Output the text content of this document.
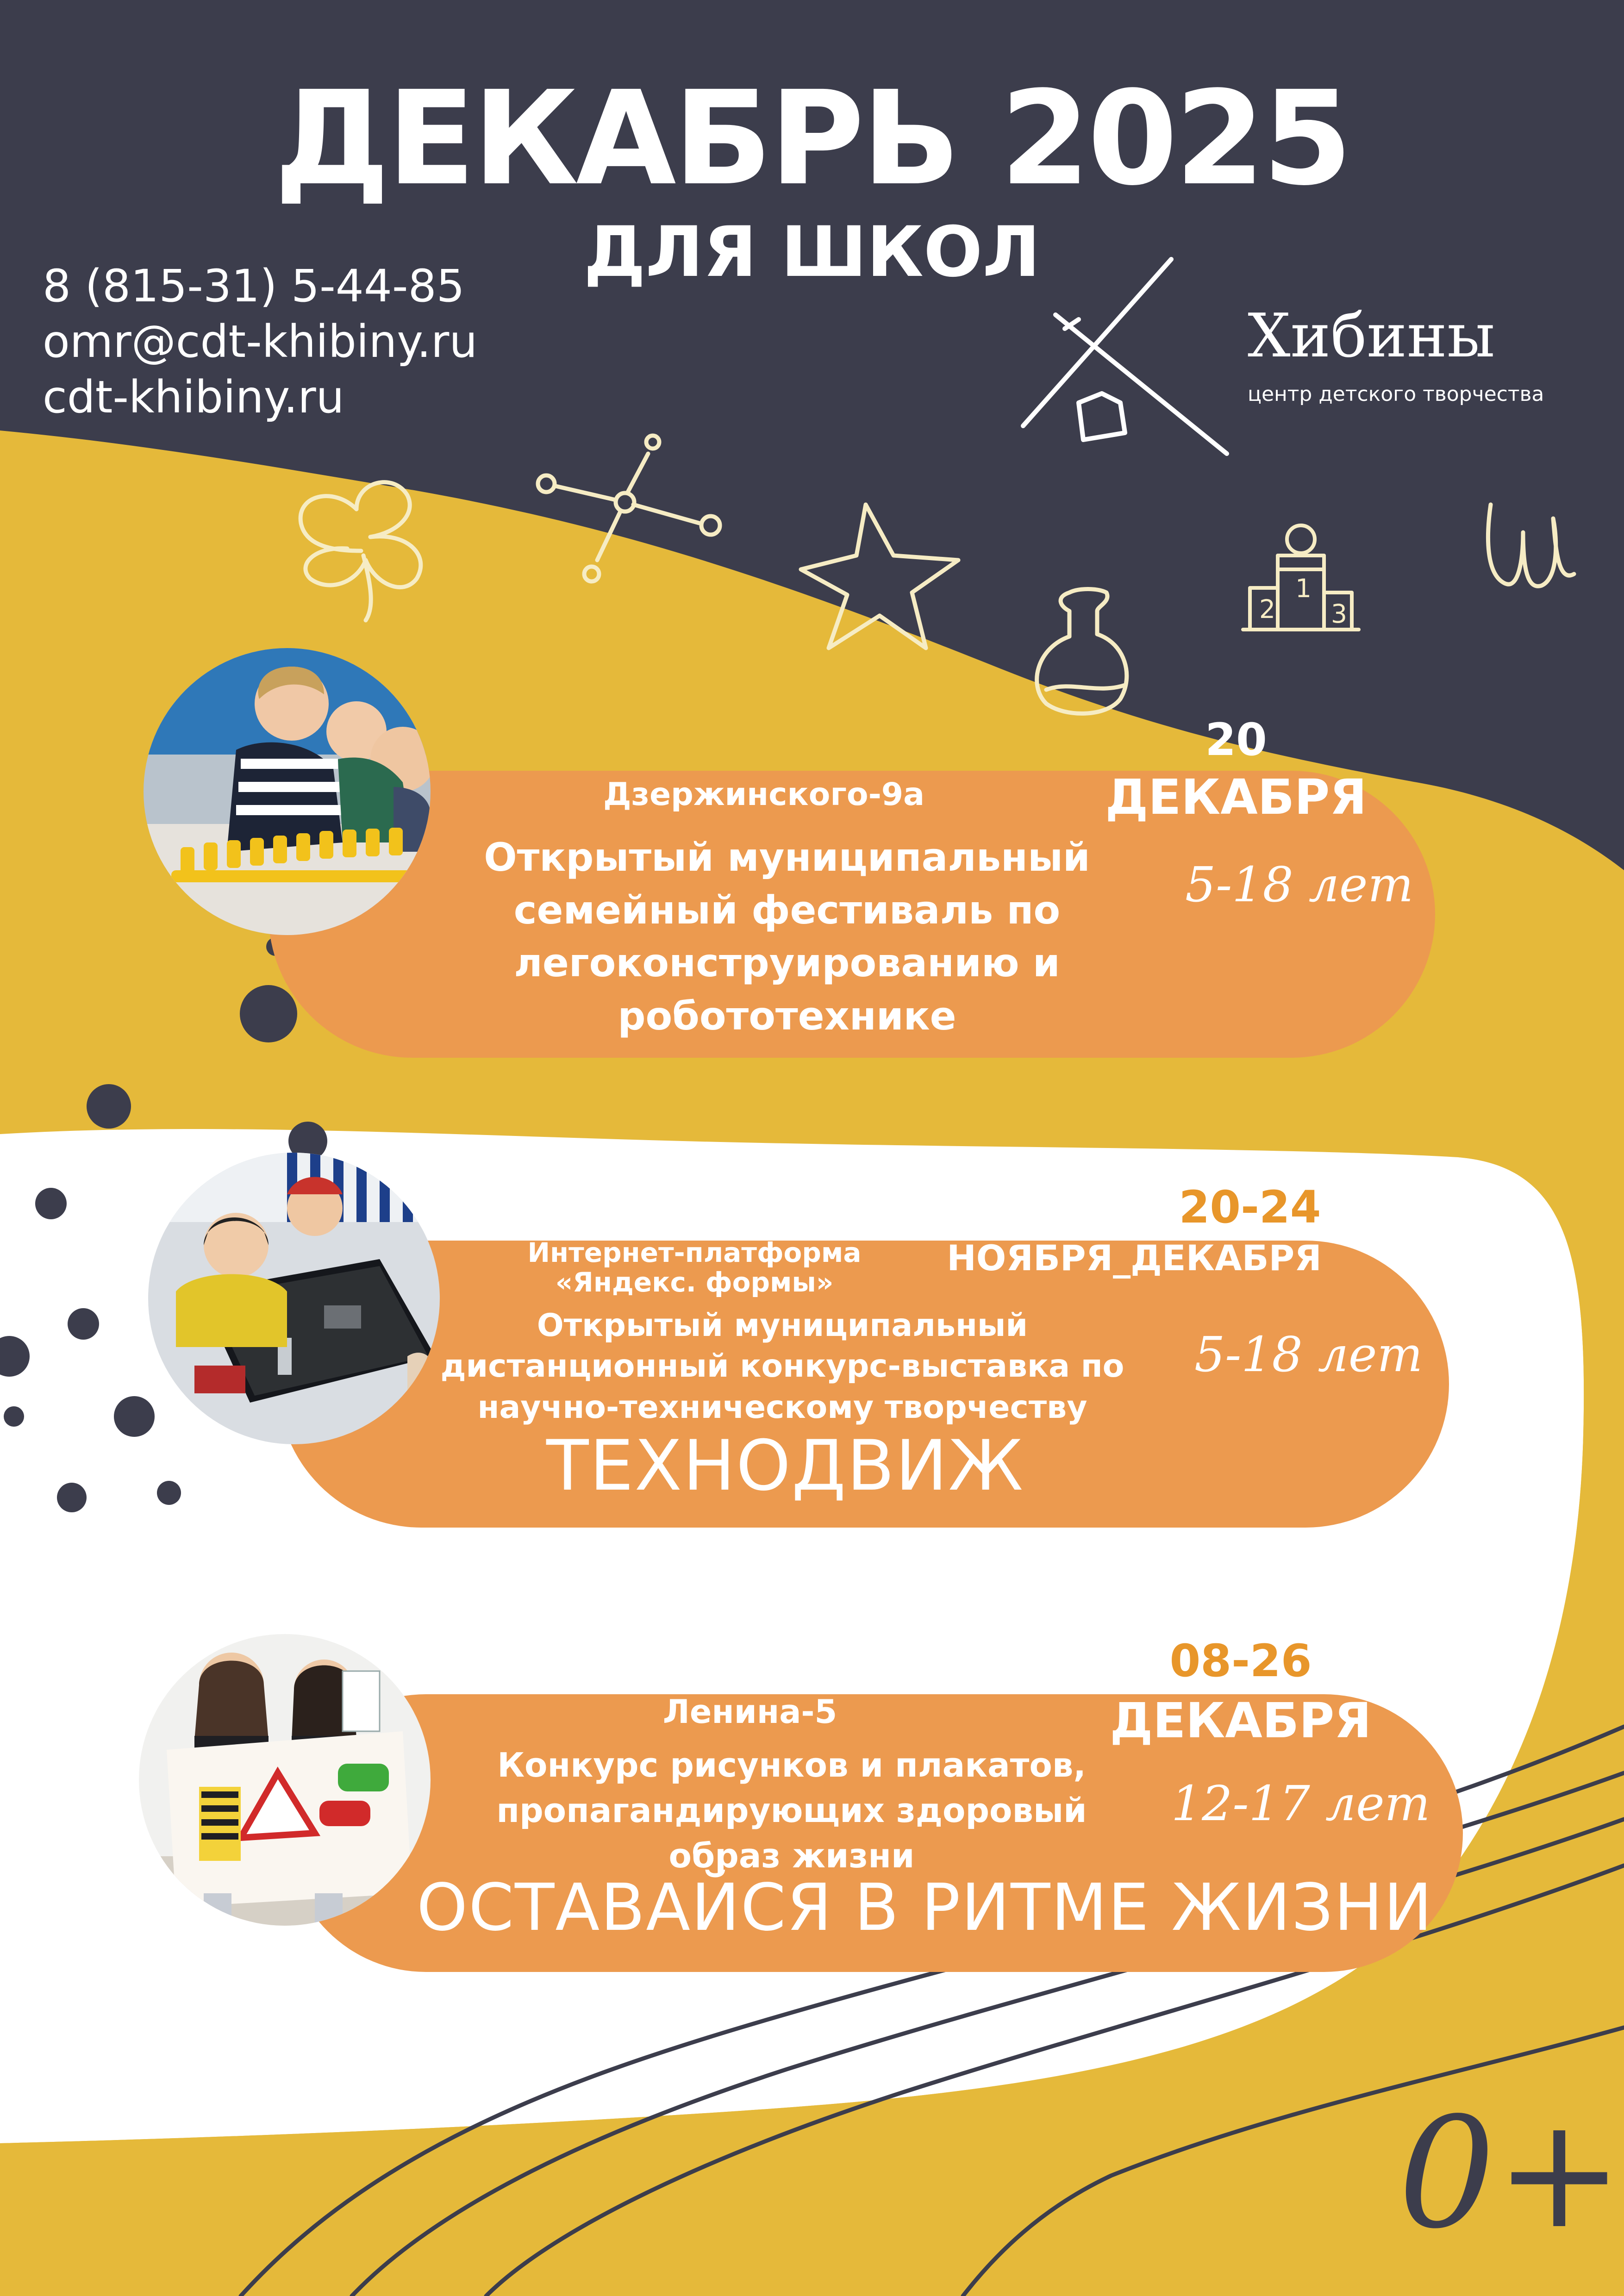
ДЕКАБРЬ 2025
ДЛЯ ШКОЛ
8 (815-31) 5-44-85
omr@cdt-khibiny.ru
cdt-khibiny.ru
Хибины
центр детского творчества
2
1
3
20
ДЕКАБРЯ
Дзержинского-9а
Открытый муниципальный семейный фестиваль по легоконструированию и робототехнике
5-18 лет
20-24
НОЯБРЯ_ДЕКАБРЯ
Интернет-платформа «Яндекс. формы»
Открытый муниципальный дистанционный конкурс-выставка по научно-техническому творчеству
5-18 лет
ТЕХНОДВИЖ
08-26
ДЕКАБРЯ
Ленина-5
Конкурс рисунков и плакатов, пропагандирующих здоровый образ жизни
12-17 лет
ОСТАВАЙСЯ В РИТМЕ ЖИЗНИ
0+
